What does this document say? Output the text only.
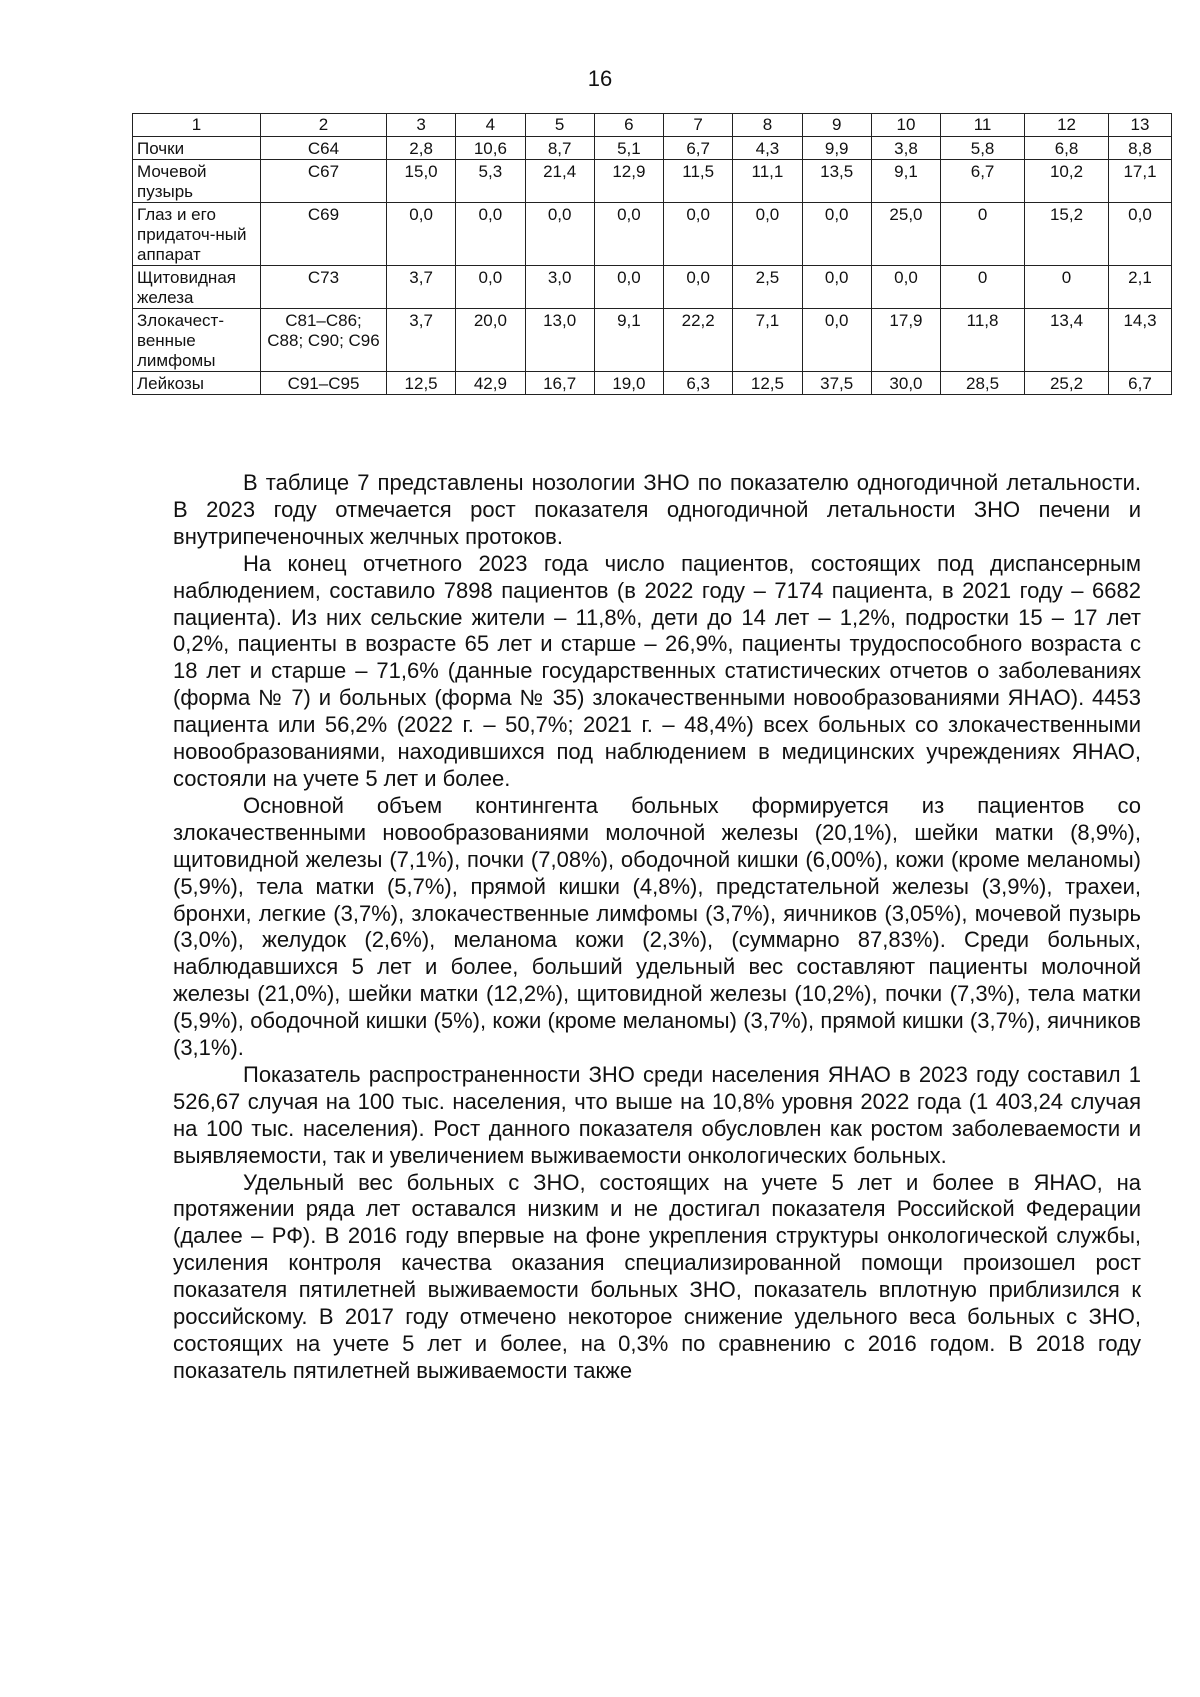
16
1	2	3	4	5	6	7	8	9	10	11	12	13
Почки	С64	2,8	10,6	8,7	5,1	6,7	4,3	9,9	3,8	5,8	6,8	8,8
Мочевой пузырь	С67	15,0	5,3	21,4	12,9	11,5	11,1	13,5	9,1	6,7	10,2	17,1
Глаз и его придаточ-ный аппарат	С69	0,0	0,0	0,0	0,0	0,0	0,0	0,0	25,0	0	15,2	0,0
Щитовидная железа	С73	3,7	0,0	3,0	0,0	0,0	2,5	0,0	0,0	0	0	2,1
Злокачест-венные лимфомы	С81–С86; С88; С90; С96	3,7	20,0	13,0	9,1	22,2	7,1	0,0	17,9	11,8	13,4	14,3
Лейкозы	С91–С95	12,5	42,9	16,7	19,0	6,3	12,5	37,5	30,0	28,5	25,2	6,7

В таблице 7 представлены нозологии ЗНО по показателю одногодичной летальности. В 2023 году отмечается рост показателя одногодичной летальности ЗНО печени и внутрипеченочных желчных протоков.

На конец отчетного 2023 года число пациентов, состоящих под диспансерным наблюдением, составило 7898 пациентов (в 2022 году – 7174 пациента, в 2021 году – 6682 пациента). Из них сельские жители – 11,8%, дети до 14 лет – 1,2%, подростки 15 – 17 лет 0,2%, пациенты в возрасте 65 лет и старше – 26,9%, пациенты трудоспособного возраста с 18 лет и старше – 71,6% (данные государственных статистических отчетов о заболеваниях (форма № 7) и больных (форма № 35) злокачественными новообразованиями ЯНАО). 4453 пациента или 56,2% (2022 г. – 50,7%; 2021 г. – 48,4%) всех больных со злокачественными новообразованиями, находившихся под наблюдением в медицинских учреждениях ЯНАО, состояли на учете 5 лет и более.

Основной объем контингента больных формируется из пациентов со злокачественными новообразованиями молочной железы (20,1%), шейки матки (8,9%), щитовидной железы (7,1%), почки (7,08%), ободочной кишки (6,00%), кожи (кроме меланомы) (5,9%), тела матки (5,7%), прямой кишки (4,8%), предстательной железы (3,9%), трахеи, бронхи, легкие (3,7%), злокачественные лимфомы (3,7%), яичников (3,05%), мочевой пузырь (3,0%), желудок (2,6%), меланома кожи (2,3%), (суммарно 87,83%). Среди больных, наблюдавшихся 5 лет и более, больший удельный вес составляют пациенты молочной железы (21,0%), шейки матки (12,2%), щитовидной железы (10,2%), почки (7,3%), тела матки (5,9%), ободочной кишки (5%), кожи (кроме меланомы) (3,7%), прямой кишки (3,7%), яичников (3,1%).

Показатель распространенности ЗНО среди населения ЯНАО в 2023 году составил 1 526,67 случая на 100 тыс. населения, что выше на 10,8% уровня 2022 года (1 403,24 случая на 100 тыс. населения). Рост данного показателя обусловлен как ростом заболеваемости и выявляемости, так и увеличением выживаемости онкологических больных.

Удельный вес больных с ЗНО, состоящих на учете 5 лет и более в ЯНАО, на протяжении ряда лет оставался низким и не достигал показателя Российской Федерации (далее – РФ). В 2016 году впервые на фоне укрепления структуры онкологической службы, усиления контроля качества оказания специализированной помощи произошел рост показателя пятилетней выживаемости больных ЗНО, показатель вплотную приблизился к российскому. В 2017 году отмечено некоторое снижение удельного веса больных с ЗНО, состоящих на учете 5 лет и более, на 0,3% по сравнению с 2016 годом. В 2018 году показатель пятилетней выживаемости также
